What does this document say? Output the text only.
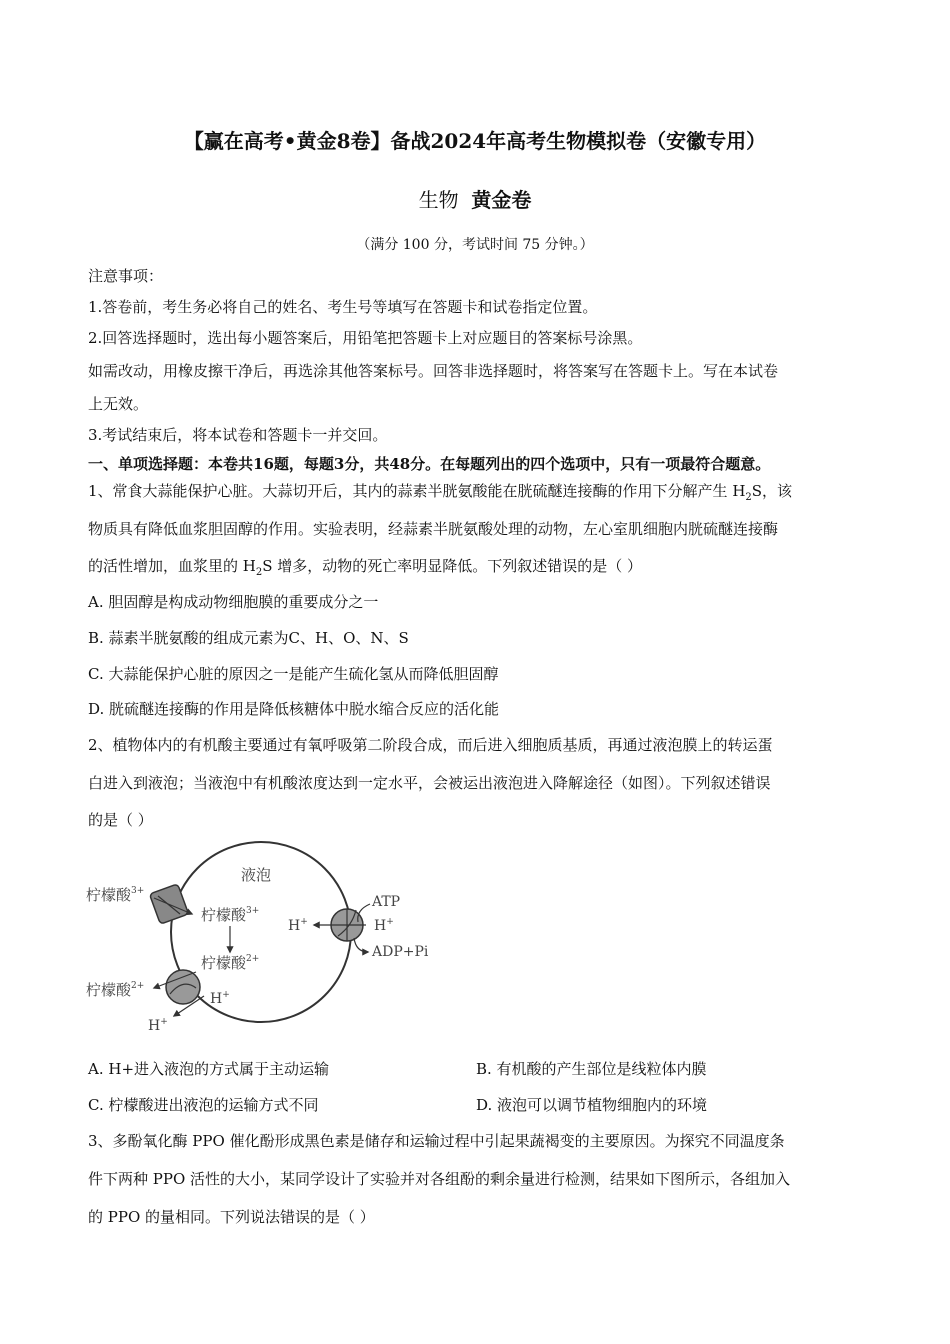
【赢在高考•黄金8卷】备战2024年高考生物模拟卷（安徽专用）
生物 黄金卷
（满分 100 分，考试时间 75 分钟。）
注意事项：
1.答卷前，考生务必将自己的姓名、考生号等填写在答题卡和试卷指定位置。
2.回答选择题时，选出每小题答案后，用铅笔把答题卡上对应题目的答案标号涂黑。
如需改动，用橡皮擦干净后，再选涂其他答案标号。回答非选择题时，将答案写在答题卡上。写在本试卷
上无效。
3.考试结束后，将本试卷和答题卡一并交回。
一、单项选择题：本卷共16题，每题3分，共48分。在每题列出的四个选项中，只有一项最符合题意。
1、常食大蒜能保护心脏。大蒜切开后，其内的蒜素半胱氨酸能在胱硫醚连接酶的作用下分解产生 $H_2S$，该
物质具有降低血浆胆固醇的作用。实验表明，经蒜素半胱氨酸处理的动物，左心室肌细胞内胱硫醚连接酶
的活性增加，血浆里的 $H_2S$ 增多，动物的死亡率明显降低。下列叙述错误的是（ ）
A. 胆固醇是构成动物细胞膜的重要成分之一
B. 蒜素半胱氨酸的组成元素为C、H、O、N、S
C. 大蒜能保护心脏的原因之一是能产生硫化氢从而降低胆固醇
D. 胱硫醚连接酶的作用是降低核糖体中脱水缩合反应的活化能
2、植物体内的有机酸主要通过有氧呼吸第二阶段合成，而后进入细胞质基质，再通过液泡膜上的转运蛋
白进入到液泡；当液泡中有机酸浓度达到一定水平，会被运出液泡进入降解途径（如图）。下列叙述错误
的是（ ）
液泡
柠檬酸$^{3+}$
柠檬酸$^{3+}$
柠檬酸$^{2+}$
柠檬酸$^{2+}$
H+
H+
H+	H+
ATP
ADP+Pi
A. H+进入液泡的方式属于主动运输	B. 有机酸的产生部位是线粒体内膜
C. 柠檬酸进出液泡的运输方式不同	D. 液泡可以调节植物细胞内的环境
3、多酚氧化酶 PPO 催化酚形成黑色素是储存和运输过程中引起果蔬褐变的主要原因。为探究不同温度条
件下两种 PPO 活性的大小，某同学设计了实验并对各组酚的剩余量进行检测，结果如下图所示，各组加入
的 PPO 的量相同。下列说法错误的是（ ）
